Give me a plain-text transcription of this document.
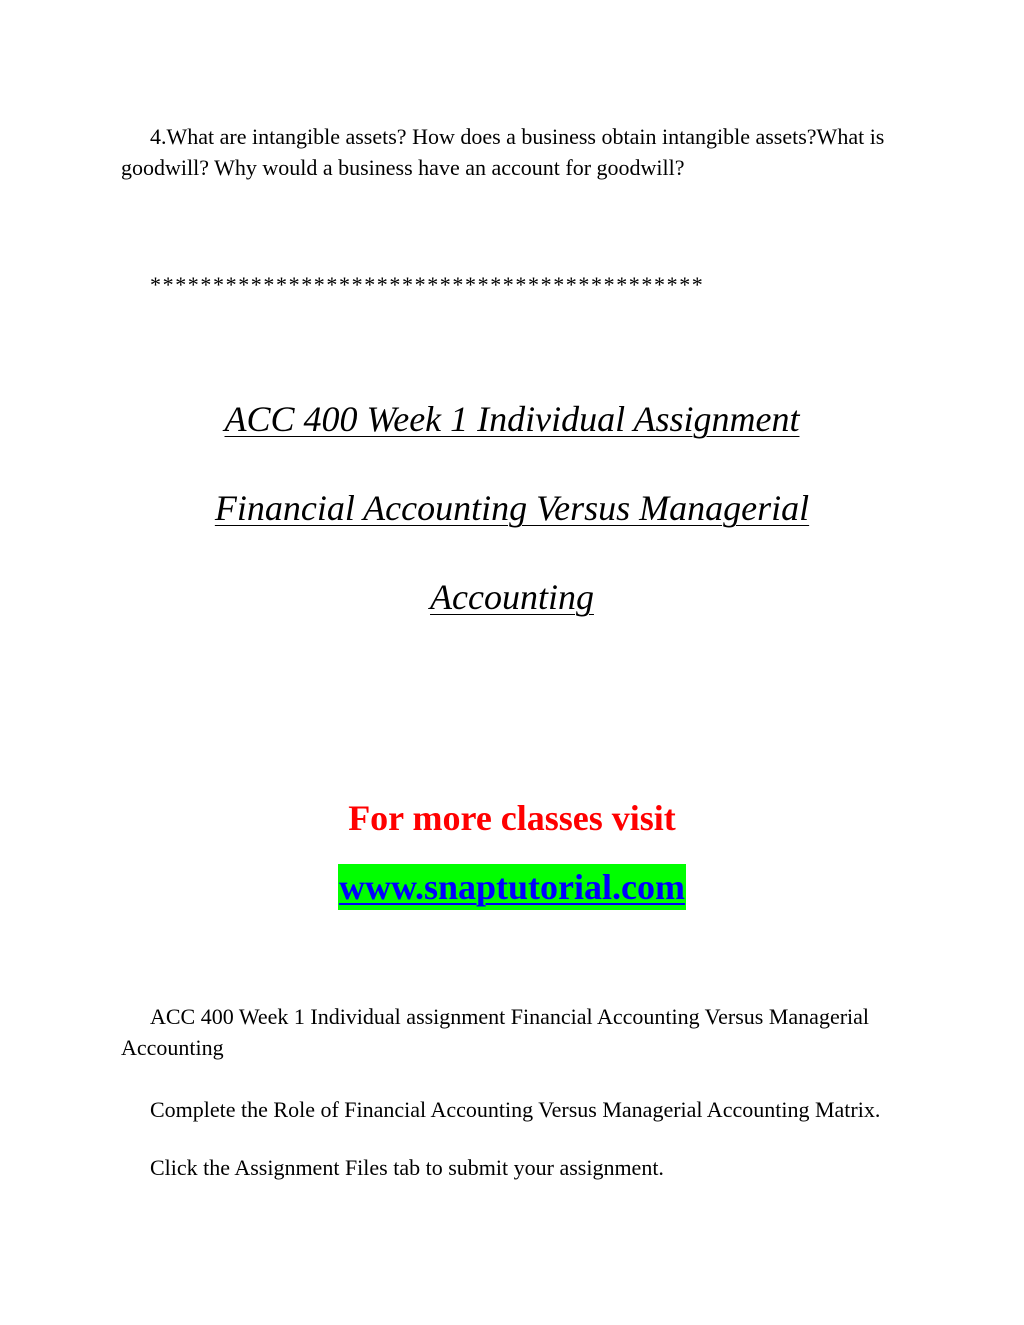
4.What are intangible assets? How does a business obtain intangible assets?What is goodwill? Why would a business have an account for goodwill?

********************************************

ACC 400 Week 1 Individual Assignment

Financial Accounting Versus Managerial

Accounting

For more classes visit

www.snaptutorial.com

ACC 400 Week 1 Individual assignment Financial Accounting Versus Managerial Accounting

Complete the Role of Financial Accounting Versus Managerial Accounting Matrix.

Click the Assignment Files tab to submit your assignment.
